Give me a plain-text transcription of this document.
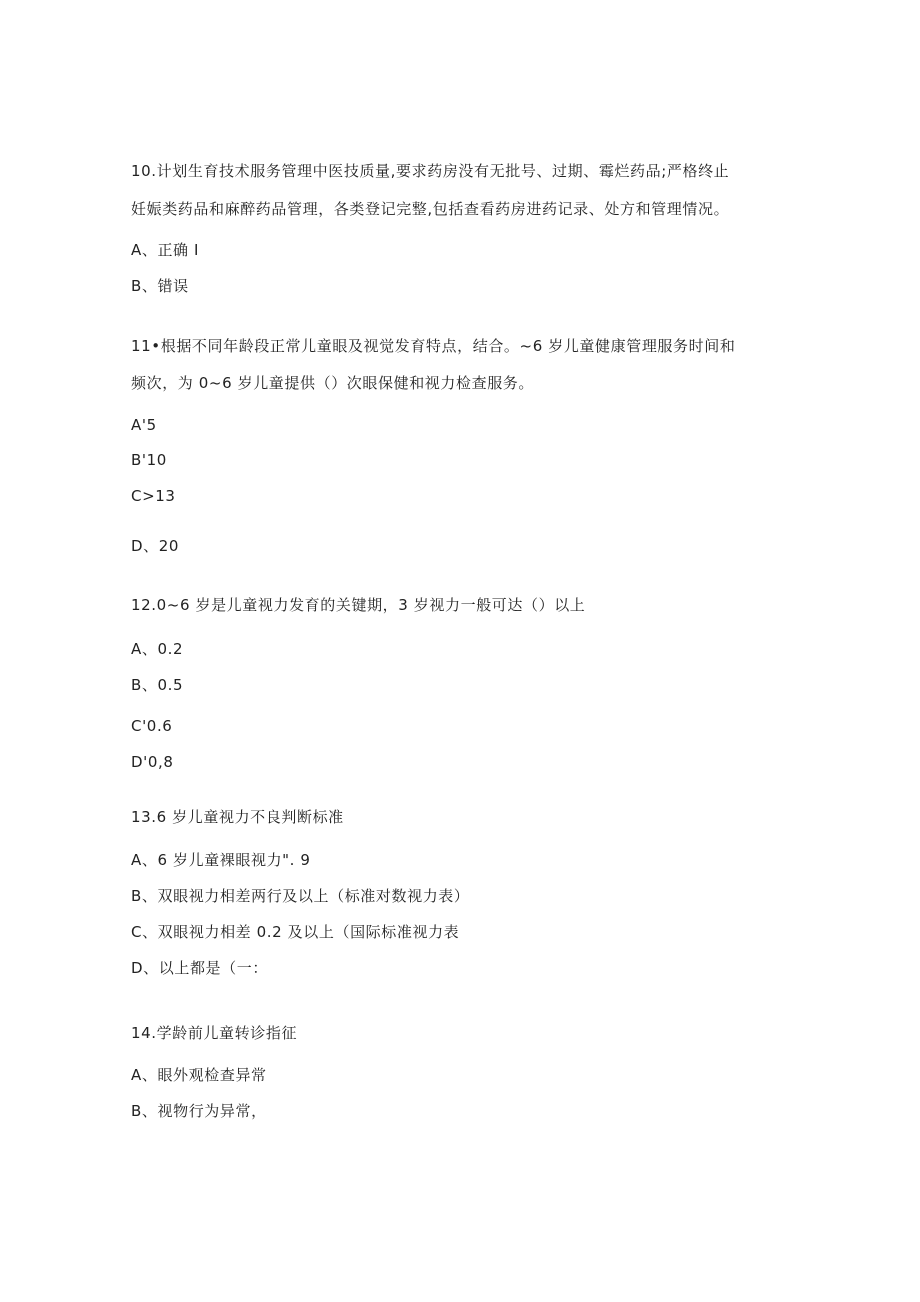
10.计划生育技术服务管理中医技质量,要求药房没有无批号、过期、霉烂药品;严格终止
妊娠类药品和麻醉药品管理，各类登记完整,包括查看药房进药记录、处方和管理情况。
A、正确 I
B、错误
11•根据不同年龄段正常儿童眼及视觉发育特点，结合。~6 岁儿童健康管理服务时间和
频次，为 0~6 岁儿童提供（）次眼保健和视力检查服务。
A'5
B'10
C>13
D、20
12.0~6 岁是儿童视力发育的关键期，3 岁视力一般可达（）以上
A、0.2
B、0.5
C'0.6
D'0,8
13.6 岁儿童视力不良判断标准
A、6 岁儿童裸眼视力". 9
B、双眼视力相差两行及以上（标准对数视力表）
C、双眼视力相差 0.2 及以上（国际标准视力表
D、以上都是（一：
14.学龄前儿童转诊指征
A、眼外观检查异常
B、视物行为异常，
